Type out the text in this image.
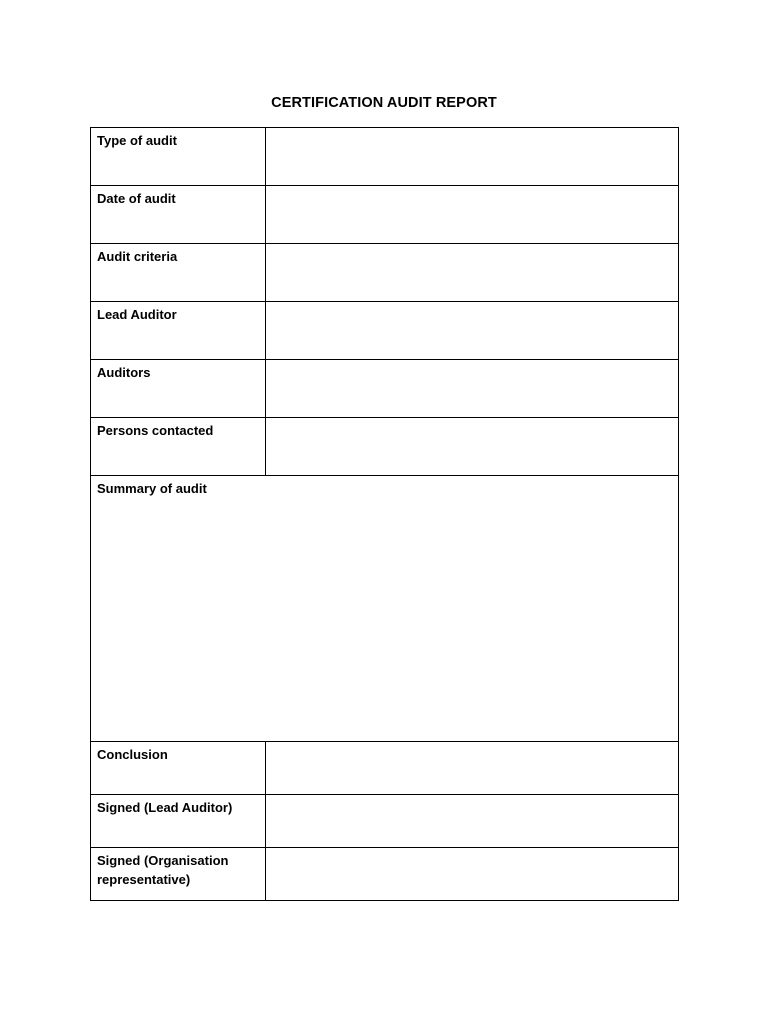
CERTIFICATION AUDIT REPORT
Type of audit	
Date of audit	
Audit criteria	
Lead Auditor	
Auditors	
Persons contacted	

Summary of audit	

Conclusion	
Signed (Lead Auditor)	
Signed (Organisation representative)	
